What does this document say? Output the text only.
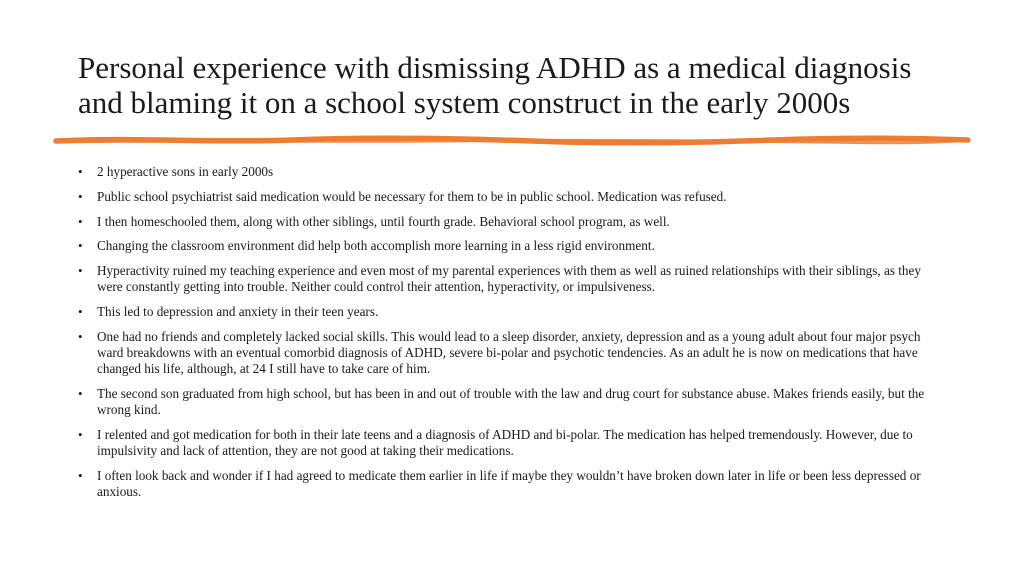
Personal experience with dismissing ADHD as a medical diagnosis
and blaming it on a school system construct in the early 2000s
• 2 hyperactive sons in early 2000s
• Public school psychiatrist said medication would be necessary for them to be in public school. Medication was refused.
• I then homeschooled them, along with other siblings, until fourth grade. Behavioral school program, as well.
• Changing the classroom environment did help both accomplish more learning in a less rigid environment.
• Hyperactivity ruined my teaching experience and even most of my parental experiences with them as well as ruined relationships with their siblings, as they were constantly getting into trouble. Neither could control their attention, hyperactivity, or impulsiveness.
• This led to depression and anxiety in their teen years.
• One had no friends and completely lacked social skills. This would lead to a sleep disorder, anxiety, depression and as a young adult about four major psych ward breakdowns with an eventual comorbid diagnosis of ADHD, severe bi-polar and psychotic tendencies. As an adult he is now on medications that have changed his life, although, at 24 I still have to take care of him.
• The second son graduated from high school, but has been in and out of trouble with the law and drug court for substance abuse. Makes friends easily, but the wrong kind.
• I relented and got medication for both in their late teens and a diagnosis of ADHD and bi-polar. The medication has helped tremendously. However, due to impulsivity and lack of attention, they are not good at taking their medications.
• I often look back and wonder if I had agreed to medicate them earlier in life if maybe they wouldn’t have broken down later in life or been less depressed or anxious.
